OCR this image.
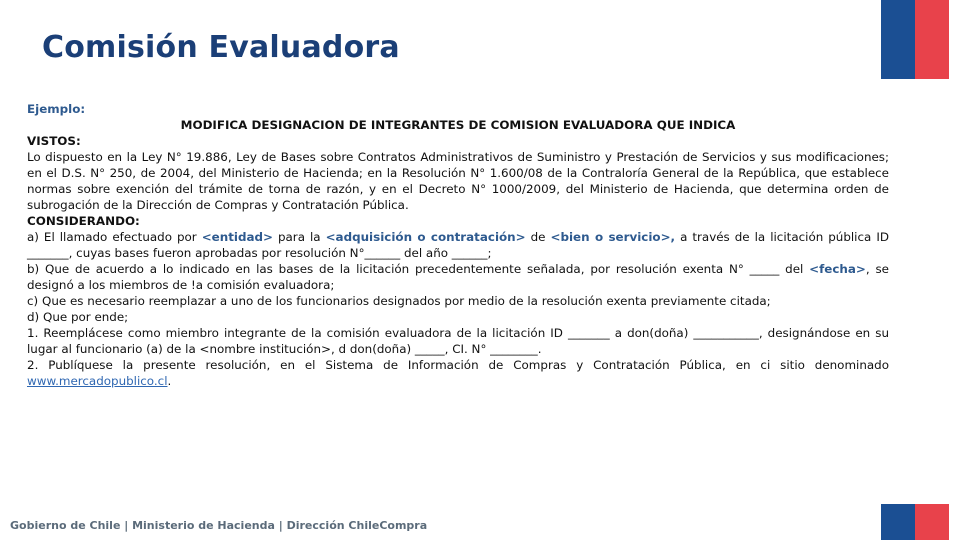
Comisión Evaluadora

Ejemplo:

MODIFICA DESIGNACION DE INTEGRANTES DE COMISION EVALUADORA QUE INDICA

VISTOS:

Lo dispuesto en la Ley N° 19.886, Ley de Bases sobre Contratos Administrativos de Suministro y Prestación de Servicios y sus modificaciones; en el D.S. N° 250, de 2004, del Ministerio de Hacienda; en la Resolución N° 1.600/08 de la Contraloría General de la República, que establece normas sobre exención del trámite de torna de razón, y en el Decreto N° 1000/2009, del Ministerio de Hacienda, que determina orden de subrogación de la Dirección de Compras y Contratación Pública.

CONSIDERANDO:

a) El llamado efectuado por <entidad> para la <adquisición o contratación> de <bien o servicio>, a través de la licitación pública ID _______, cuyas bases fueron aprobadas por resolución N°______ del año ______;

b) Que de acuerdo a lo indicado en las bases de la licitación precedentemente señalada, por resolución exenta N° _____ del <fecha>, se designó a los miembros de !a comisión evaluadora;

c) Que es necesario reemplazar a uno de los funcionarios designados por medio de la resolución exenta previamente citada;

d) Que por ende;

1. Reemplácese como miembro integrante de la comisión evaluadora de la licitación ID _______ a don(doña) ___________, designándose en su lugar al funcionario (a) de la <nombre institución>, d don(doña) _____, CI. N° ________.

2. Publíquese la presente resolución, en el Sistema de Información de Compras y Contratación Pública, en ci sitio denominado www.mercadopublico.cl.

Gobierno de Chile | Ministerio de Hacienda | Dirección ChileCompra
